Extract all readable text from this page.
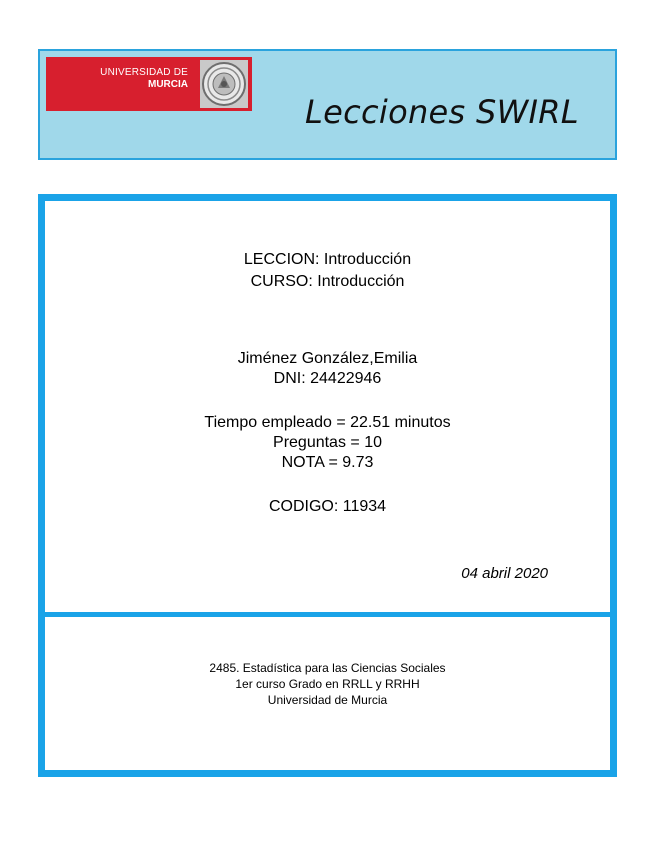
UNIVERSIDAD DE
MURCIA
Lecciones SWIRL
LECCION: Introducción
CURSO: Introducción
Jiménez González,Emilia
DNI: 24422946
Tiempo empleado = 22.51 minutos
Preguntas = 10
NOTA = 9.73
CODIGO: 11934
04 abril 2020
2485. Estadística para las Ciencias Sociales
1er curso Grado en RRLL y RRHH
Universidad de Murcia
